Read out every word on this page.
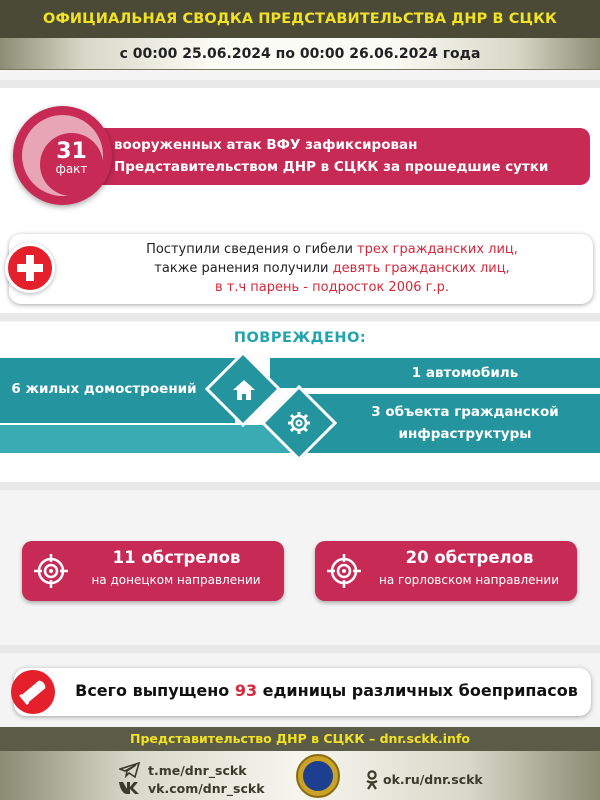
ОФИЦИАЛЬНАЯ СВОДКА ПРЕДСТАВИТЕЛЬСТВА ДНР В СЦКК
с 00:00 25.06.2024 по 00:00 26.06.2024 года
вооруженных атак ВФУ зафиксирован
Представительством ДНР в СЦКК за прошедшие сутки
31
факт
Поступили сведения о гибели трех гражданских лиц,
также ранения получили девять гражданских лиц,
в т.ч парень - подросток 2006 г.р.
ПОВРЕЖДЕНО:
6 жилых домостроений
1 автомобиль
3 объекта гражданской
инфраструктуры
11 обстрелов
на донецком направлении
20 обстрелов
на горловском направлении
Всего выпущено 93 единицы различных боеприпасов
Представительство ДНР в СЦКК – dnr.sckk.info
t.me/dnr_sckk
vk.com/dnr_sckk
ok.ru/dnr.sckk
